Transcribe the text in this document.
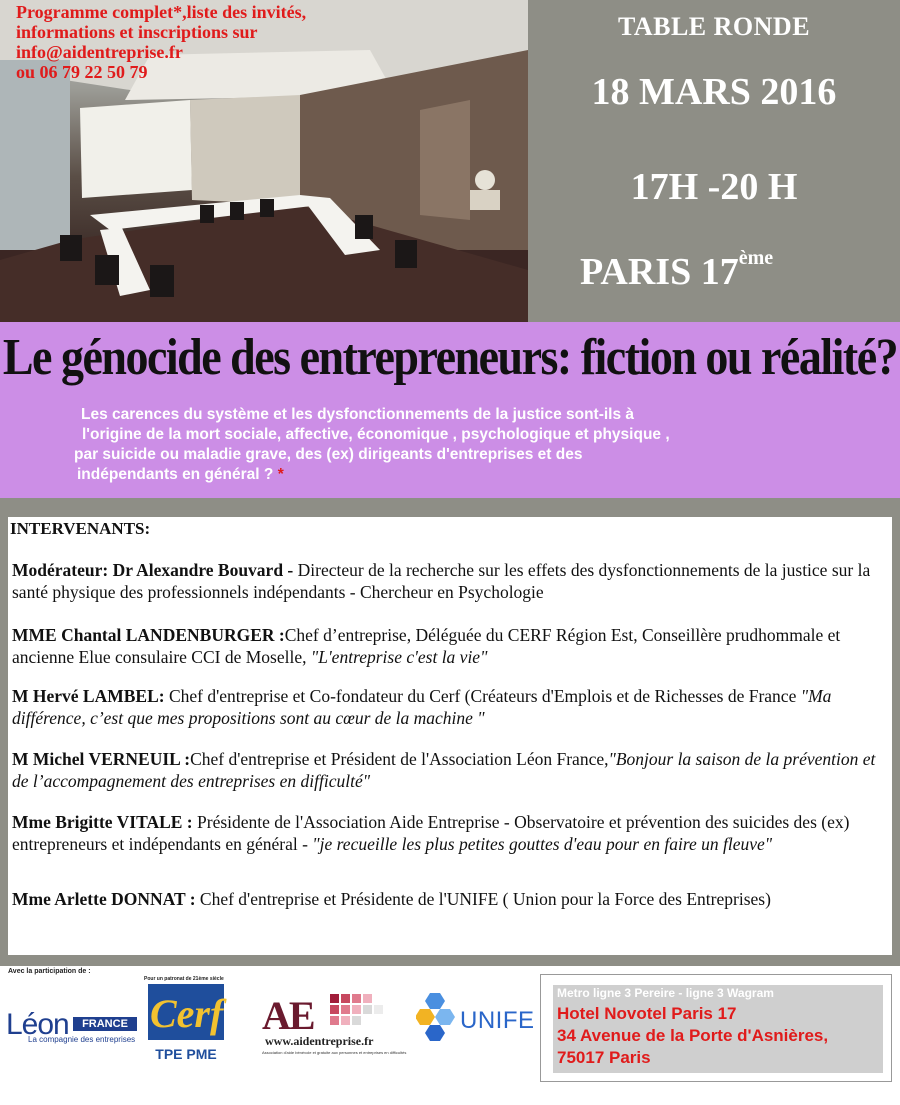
Programme complet*,liste des invités,
informations et inscriptions sur
info@aidentreprise.fr
ou 06 79 22 50 79
TABLE RONDE
18 MARS 2016
17H -20 H
PARIS 17ème
Le génocide des entrepreneurs: fiction ou réalité?
Les carences du système et les dysfonctionnements de la justice sont-ils à
l'origine de la mort sociale, affective, économique , psychologique et physique ,
par suicide ou maladie grave, des (ex) dirigeants d'entreprises et des
indépendants en général ? *
INTERVENANTS:
Modérateur: Dr Alexandre Bouvard - Directeur de la recherche sur les effets des dysfonctionnements de la justice sur la santé physique des professionnels indépendants - Chercheur en Psychologie
MME Chantal LANDENBURGER :Chef d’entreprise, Déléguée du CERF Région Est, Conseillère prudhommale et ancienne Elue consulaire CCI de Moselle, "L'entreprise c'est la vie"
M Hervé LAMBEL: Chef d'entreprise et Co-fondateur du Cerf (Créateurs d'Emplois et de Richesses de France "Ma différence, c’est que mes propositions sont au cœur de la machine "
M Michel VERNEUIL :Chef d'entreprise et Président de l'Association Léon France,"Bonjour la saison de la prévention et de l’accompagnement des entreprises en difficulté"
Mme Brigitte VITALE : Présidente de l'Association Aide Entreprise - Observatoire et prévention des suicides des (ex) entrepreneurs et indépendants en général - "je recueille les plus petites gouttes d'eau pour en faire un fleuve"
Mme Arlette DONNAT : Chef d'entreprise et Présidente de l'UNIFE ( Union pour la Force des Entreprises)
Avec la participation de :
Léon	FRANCE
La compagnie des entreprises
Pour un patronat de 21ème siècle
Cerf
TPE PME
AE
www.aidentreprise.fr
Association d'aide bénévole et gratuite aux personnes et entreprises en difficultés
UNIFE
Metro ligne 3 Pereire - ligne 3 Wagram
Hotel Novotel Paris 17
34 Avenue de la Porte d'Asnières,
75017 Paris
